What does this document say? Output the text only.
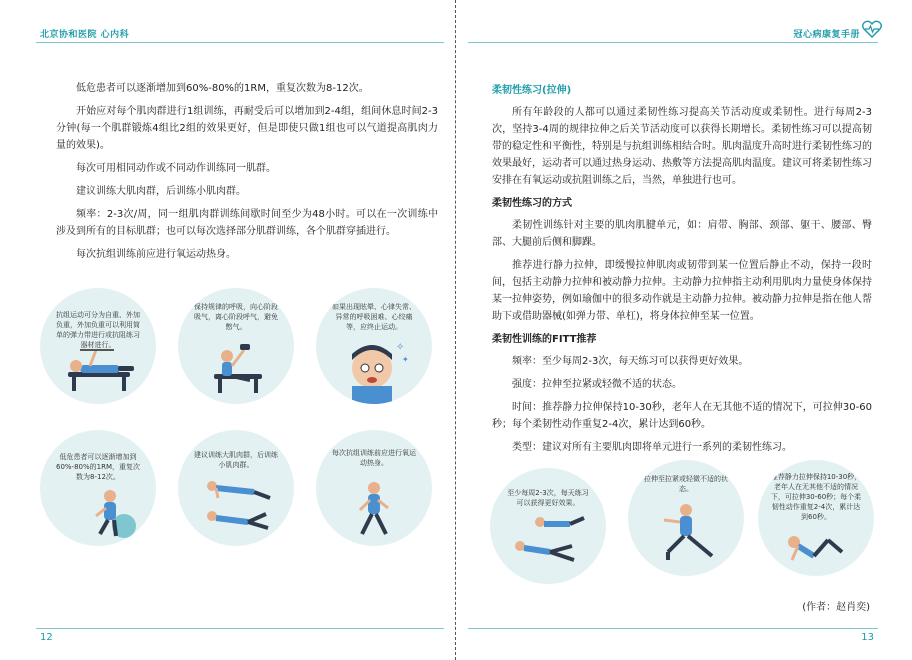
北京协和医院 心内科

低危患者可以逐渐增加到60%-80%的1RM，重复次数为8-12次。

开始应对每个肌肉群进行1组训练，再耐受后可以增加到2-4组，组间休息时间2-3分钟(每一个肌群锻炼4组比2组的效果更好，但是即使只做1组也可以气道提高肌肉力量的效果)。

每次可用相同动作或不同动作训练同一肌群。

建议训练大肌肉群，后训练小肌肉群。

频率：2-3次/周，同一组肌肉群训练间歇时间至少为48小时。可以在一次训练中涉及到所有的目标肌群；也可以每次选择部分肌群训练，各个肌群穿插进行。

每次抗组训练前应进行氧运动热身。

抗组运动可分为自重、外加负重，外加负重可以利用简单的弹力带进行或抗阻练习器材进行。
保持规律的呼吸，向心阶段吸气，离心阶段呼气，避免憋气。
✧
✦
如果出现眩晕、心律失常、异常的呼吸困难、心绞痛等，应终止运动。
低危患者可以逐渐增加到60%-80%的1RM，重复次数为8-12次。
建议训练大肌肉群，后训练小肌肉群。
每次抗组训练前应进行氧运动热身。
12
冠心病康复手册
柔韧性练习(拉伸)

所有年龄段的人都可以通过柔韧性练习提高关节活动度或柔韧性。进行每周2-3次，坚持3-4周的规律拉伸之后关节活动度可以获得长期增长。柔韧性练习可以提高韧带的稳定性和平衡性，特别是与抗组训练相结合时。肌肉温度升高时进行柔韧性练习的效果最好，运动者可以通过热身运动、热敷等方法提高肌肉温度。建议可将柔韧性练习安排在有氧运动或抗阻训练之后，当然，单独进行也可。

柔韧性练习的方式

柔韧性训练针对主要的肌肉肌腱单元，如：肩带、胸部、颈部、躯干、腰部、臀部、大腿前后侧和脚踝。

推荐进行静力拉伸，即缓慢拉伸肌肉或韧带到某一位置后静止不动，保持一段时间，包括主动静力拉伸和被动静力拉伸。主动静力拉伸指主动利用肌肉力量使身体保持某一拉伸姿势，例如瑜伽中的很多动作就是主动静力拉伸。被动静力拉伸是指在他人帮助下或借助器械(如弹力带、单杠)，将身体拉伸至某一位置。

柔韧性训练的FITT推荐

频率：至少每周2-3次，每天练习可以获得更好效果。

强度：拉伸至拉紧或轻微不适的状态。

时间：推荐静力拉伸保持10-30秒，老年人在无其他不适的情况下，可拉伸30-60秒；每个柔韧性动作重复2-4次，累计达到60秒。

类型：建议对所有主要肌肉即将单元进行一系列的柔韧性练习。

至少每周2-3次，每天练习可以获得更好效果。
拉伸至拉紧或轻微不适的状态。
推荐静力拉伸保持10-30秒，老年人在无其他不适的情况下，可拉伸30-60秒；每个柔韧性动作重复2-4次，累计达到60秒。
(作者：赵肖奕)
13
